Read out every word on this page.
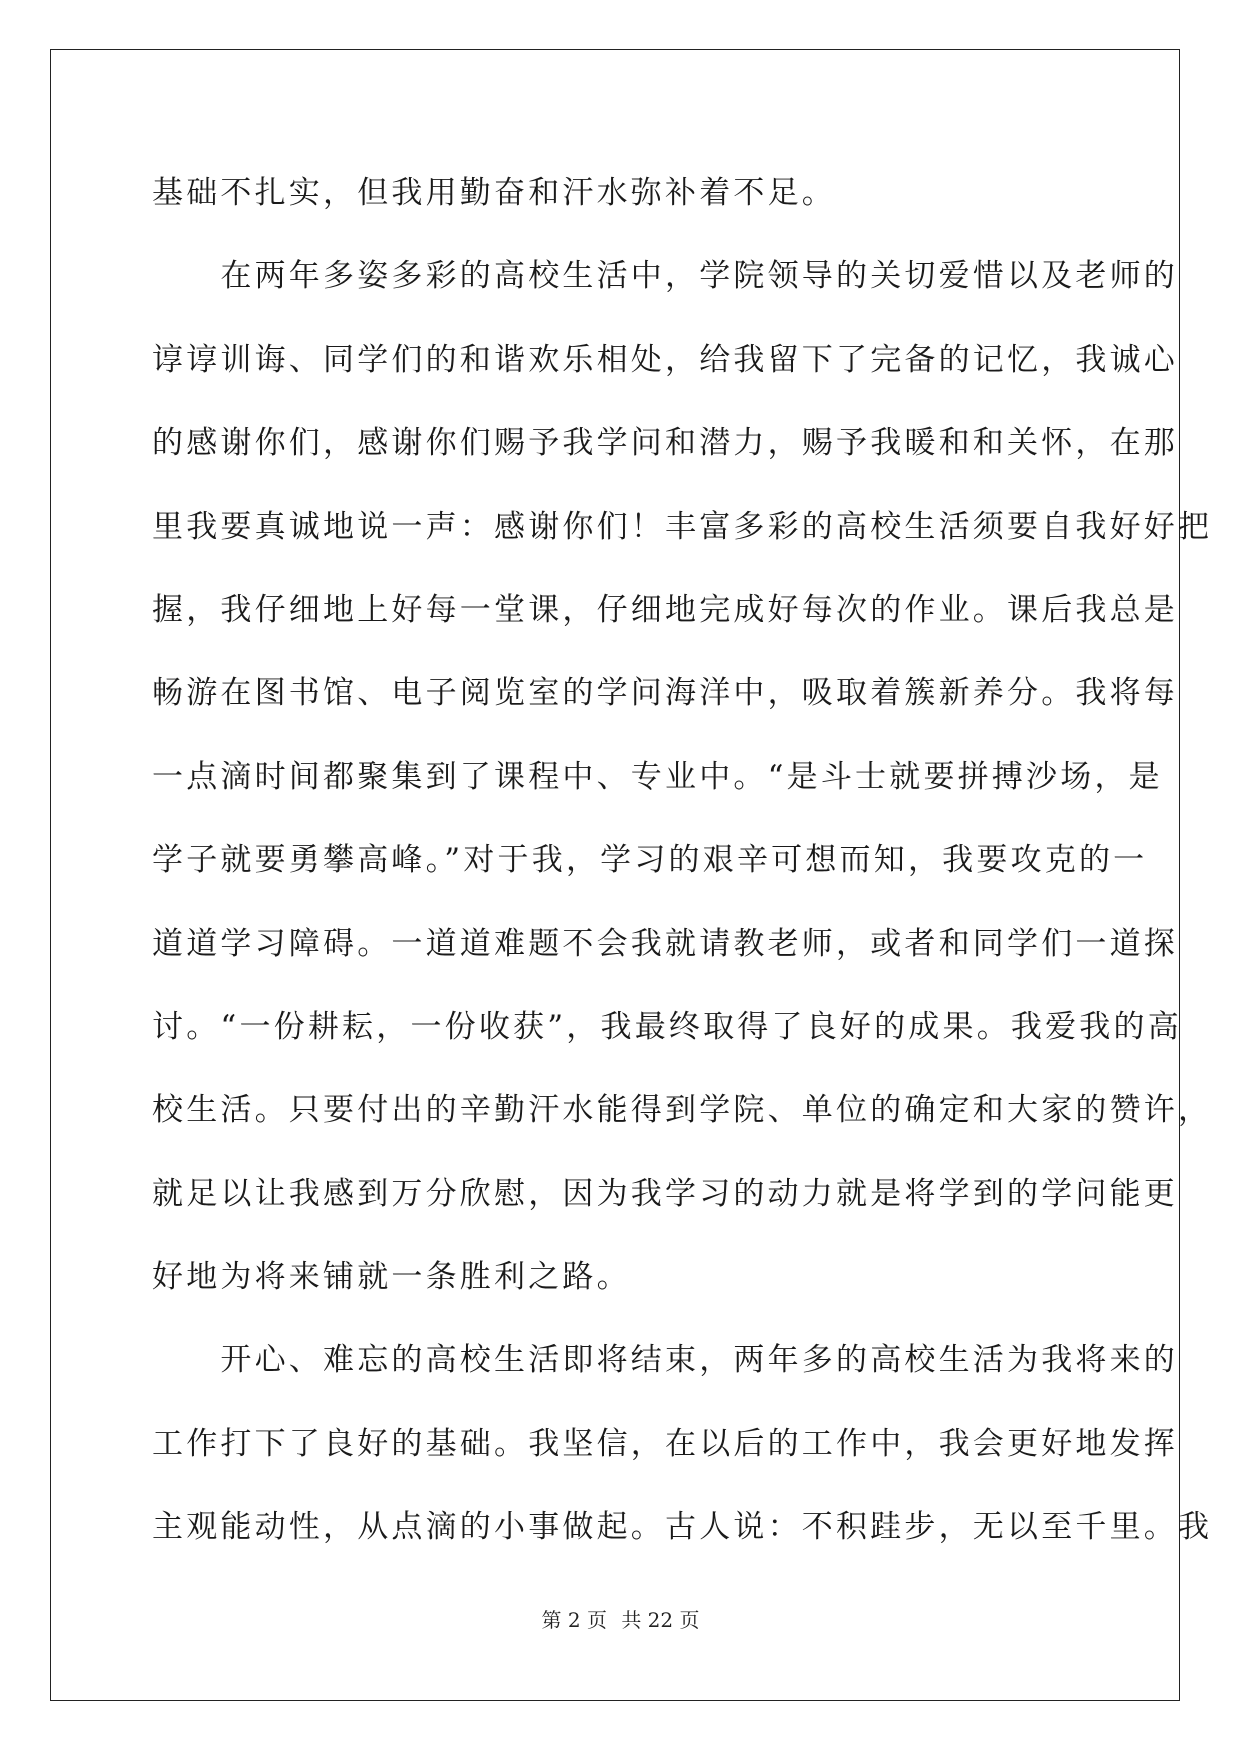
基础不扎实，但我用勤奋和汗水弥补着不足。
　　在两年多姿多彩的高校生活中，学院领导的关切爱惜以及老师的
谆谆训诲、同学们的和谐欢乐相处，给我留下了完备的记忆，我诚心
的感谢你们，感谢你们赐予我学问和潜力，赐予我暖和和关怀，在那
里我要真诚地说一声：感谢你们！丰富多彩的高校生活须要自我好好把
握，我仔细地上好每一堂课，仔细地完成好每次的作业。课后我总是
畅游在图书馆、电子阅览室的学问海洋中，吸取着簇新养分。我将每
一点滴时间都聚集到了课程中、专业中。“是斗士就要拼搏沙场，是
学子就要勇攀高峰。”对于我，学习的艰辛可想而知，我要攻克的一
道道学习障碍。一道道难题不会我就请教老师，或者和同学们一道探
讨。“一份耕耘，一份收获”，我最终取得了良好的成果。我爱我的高
校生活。只要付出的辛勤汗水能得到学院、单位的确定和大家的赞许，
就足以让我感到万分欣慰，因为我学习的动力就是将学到的学问能更
好地为将来铺就一条胜利之路。
　　开心、难忘的高校生活即将结束，两年多的高校生活为我将来的
工作打下了良好的基础。我坚信，在以后的工作中，我会更好地发挥
主观能动性，从点滴的小事做起。古人说：不积跬步，无以至千里。我
第 2 页 共 22 页
